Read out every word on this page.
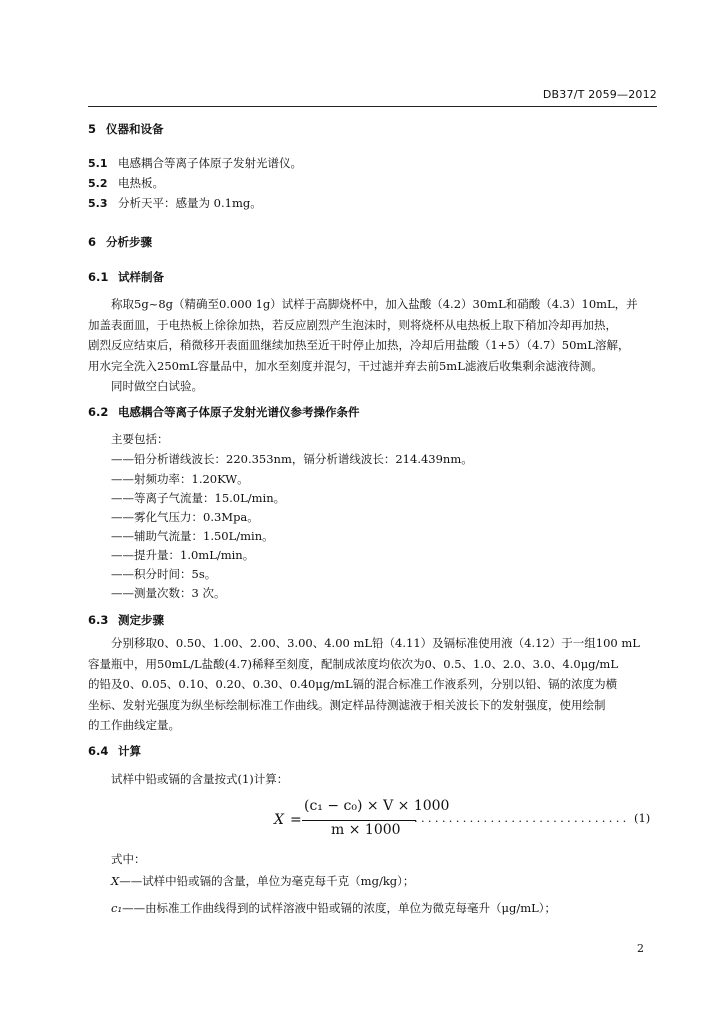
DB37/T 2059—2012
5 仪器和设备
5.1 电感耦合等离子体原子发射光谱仪。
5.2 电热板。
5.3 分析天平：感量为 0.1mg。
6 分析步骤
6.1 试样制备
称取5g~8g（精确至0.000 1g）试样于高脚烧杯中，加入盐酸（4.2）30mL和硝酸（4.3）10mL，并
加盖表面皿，于电热板上徐徐加热，若反应剧烈产生泡沫时，则将烧杯从电热板上取下稍加冷却再加热，
剧烈反应结束后，稍微移开表面皿继续加热至近干时停止加热，冷却后用盐酸（1+5）（4.7）50mL溶解，
用水完全洗入250mL容量品中，加水至刻度并混匀，干过滤并弃去前5mL滤液后收集剩余滤液待测。
同时做空白试验。
6.2 电感耦合等离子体原子发射光谱仪参考操作条件
主要包括：
——铅分析谱线波长：220.353nm，镉分析谱线波长：214.439nm。
——射频功率：1.20KW。
——等离子气流量：15.0L/min。
——雾化气压力：0.3Mpa。
——辅助气流量：1.50L/min。
——提升量：1.0mL/min。
——积分时间：5s。
——测量次数：3 次。
6.3 测定步骤
分别移取0、0.50、1.00、2.00、3.00、4.00 mL铅（4.11）及镉标准使用液（4.12）于一组100 mL
容量瓶中，用50mL/L盐酸(4.7)稀释至刻度，配制成浓度均依次为0、0.5、1.0、2.0、3.0、4.0μg/mL
的铅及0、0.05、0.10、0.20、0.30、0.40μg/mL镉的混合标准工作液系列，分别以铅、镉的浓度为横
坐标、发射光强度为纵坐标绘制标准工作曲线。测定样品待测滤液于相关波长下的发射强度，使用绘制
的工作曲线定量。
6.4 计算
试样中铅或镉的含量按式(1)计算：
X =
(c₁ − c₀) × V × 1000
m × 1000
............................... (1)
式中：
X——试样中铅或镉的含量，单位为毫克每千克（mg/kg）；
c₁——由标准工作曲线得到的试样溶液中铅或镉的浓度，单位为微克每毫升（μg/mL）；
2
